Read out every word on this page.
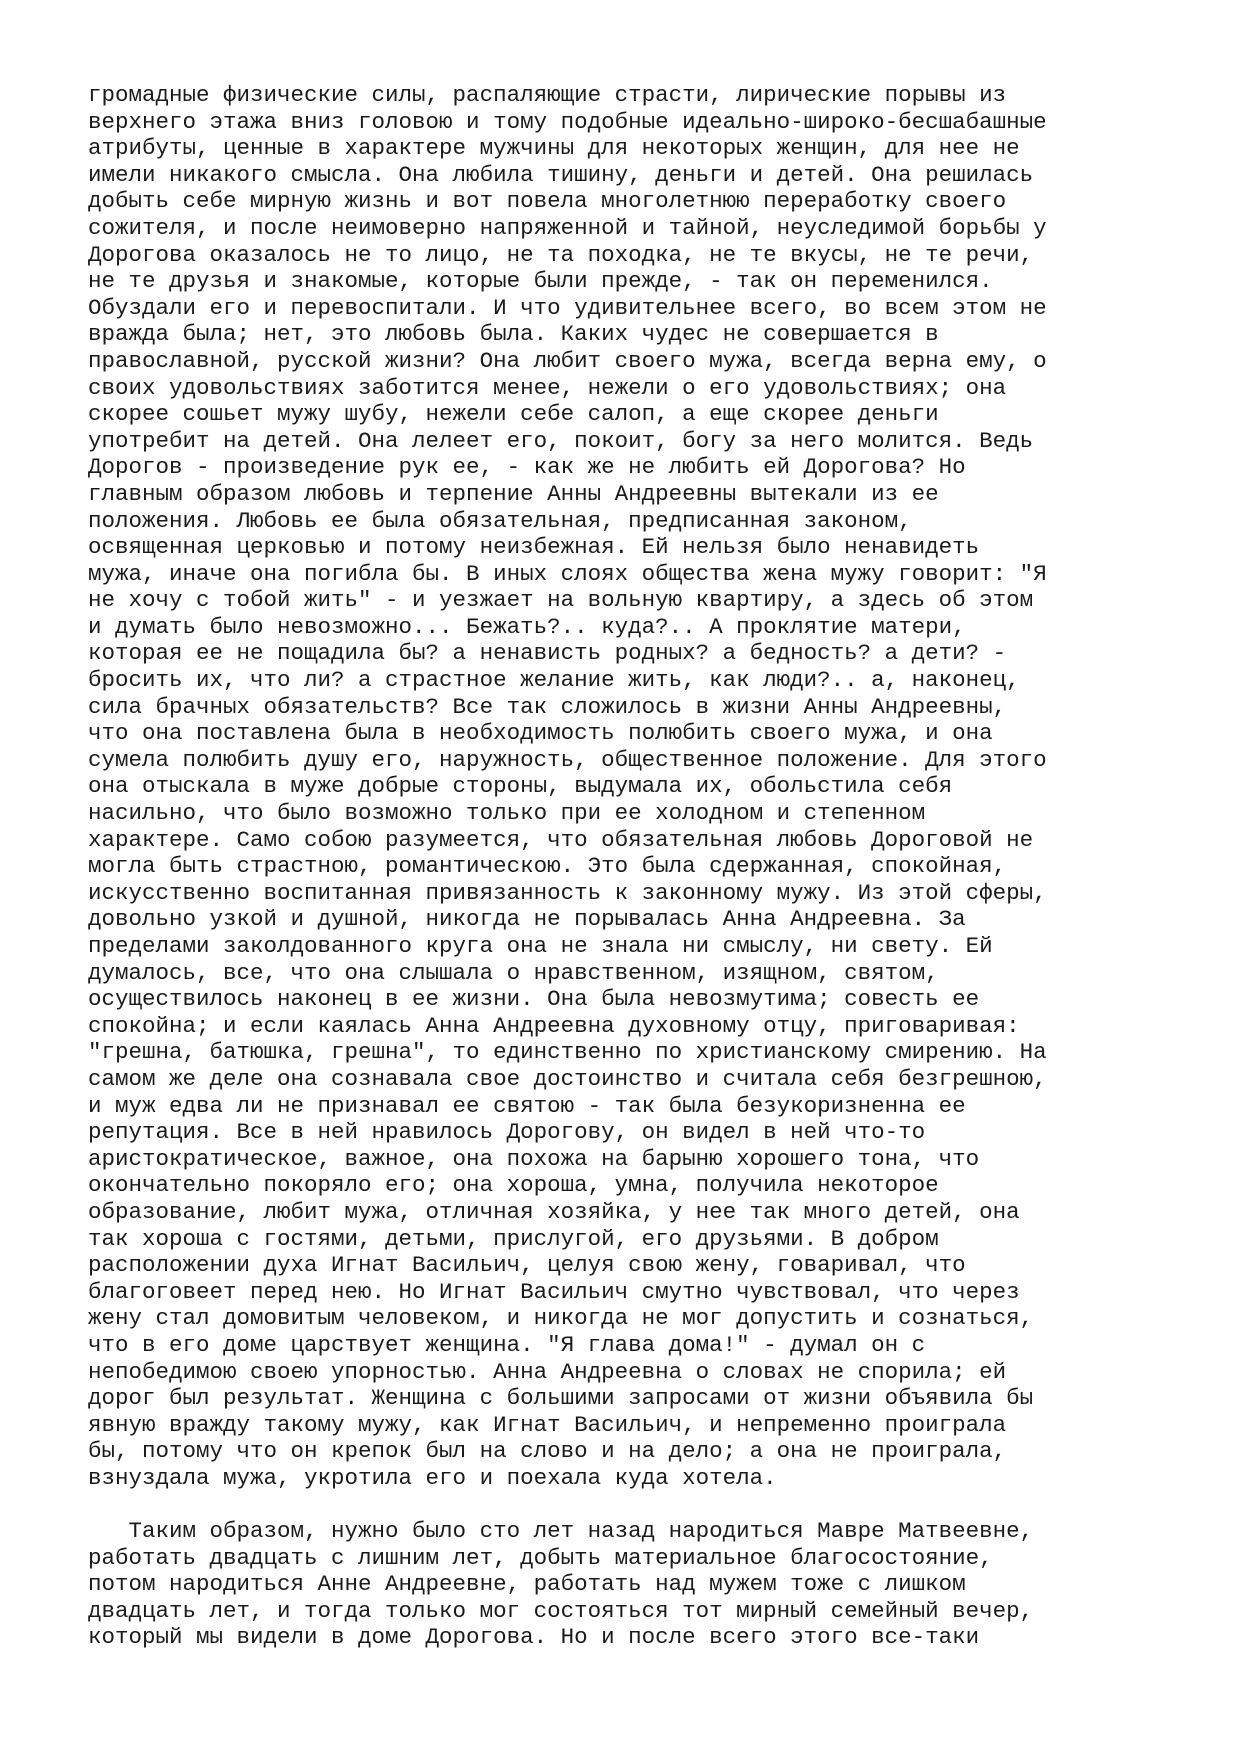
громадные физические силы, распаляющие страсти, лирические порывы из
верхнего этажа вниз головою и тому подобные идеально-широко-бесшабашные
атрибуты, ценные в характере мужчины для некоторых женщин, для нее не
имели никакого смысла. Она любила тишину, деньги и детей. Она решилась
добыть себе мирную жизнь и вот повела многолетнюю переработку своего
сожителя, и после неимоверно напряженной и тайной, неуследимой борьбы у
Дорогова оказалось не то лицо, не та походка, не те вкусы, не те речи,
не те друзья и знакомые, которые были прежде, - так он переменился.
Обуздали его и перевоспитали. И что удивительнее всего, во всем этом не
вражда была; нет, это любовь была. Каких чудес не совершается в
православной, русской жизни? Она любит своего мужа, всегда верна ему, о
своих удовольствиях заботится менее, нежели о его удовольствиях; она
скорее сошьет мужу шубу, нежели себе салоп, а еще скорее деньги
употребит на детей. Она лелеет его, покоит, богу за него молится. Ведь
Дорогов - произведение рук ее, - как же не любить ей Дорогова? Но
главным образом любовь и терпение Анны Андреевны вытекали из ее
положения. Любовь ее была обязательная, предписанная законом,
освященная церковью и потому неизбежная. Ей нельзя было ненавидеть
мужа, иначе она погибла бы. В иных слоях общества жена мужу говорит: "Я
не хочу с тобой жить" - и уезжает на вольную квартиру, а здесь об этом
и думать было невозможно... Бежать?.. куда?.. А проклятие матери,
которая ее не пощадила бы? а ненависть родных? а бедность? а дети? -
бросить их, что ли? а страстное желание жить, как люди?.. а, наконец,
сила брачных обязательств? Все так сложилось в жизни Анны Андреевны,
что она поставлена была в необходимость полюбить своего мужа, и она
сумела полюбить душу его, наружность, общественное положение. Для этого
она отыскала в муже добрые стороны, выдумала их, обольстила себя
насильно, что было возможно только при ее холодном и степенном
характере. Само собою разумеется, что обязательная любовь Дороговой не
могла быть страстною, романтическою. Это была сдержанная, спокойная,
искусственно воспитанная привязанность к законному мужу. Из этой сферы,
довольно узкой и душной, никогда не порывалась Анна Андреевна. За
пределами заколдованного круга она не знала ни смыслу, ни свету. Ей
думалось, все, что она слышала о нравственном, изящном, святом,
осуществилось наконец в ее жизни. Она была невозмутима; совесть ее
спокойна; и если каялась Анна Андреевна духовному отцу, приговаривая:
"грешна, батюшка, грешна", то единственно по христианскому смирению. На
самом же деле она сознавала свое достоинство и считала себя безгрешною,
и муж едва ли не признавал ее святою - так была безукоризненна ее
репутация. Все в ней нравилось Дорогову, он видел в ней что-то
аристократическое, важное, она похожа на барыню хорошего тона, что
окончательно покоряло его; она хороша, умна, получила некоторое
образование, любит мужа, отличная хозяйка, у нее так много детей, она
так хороша с гостями, детьми, прислугой, его друзьями. В добром
расположении духа Игнат Васильич, целуя свою жену, говаривал, что
благоговеет перед нею. Но Игнат Васильич смутно чувствовал, что через
жену стал домовитым человеком, и никогда не мог допустить и сознаться,
что в его доме царствует женщина. "Я глава дома!" - думал он с
непобедимою своею упорностью. Анна Андреевна о словах не спорила; ей
дорог был результат. Женщина с большими запросами от жизни объявила бы
явную вражду такому мужу, как Игнат Васильич, и непременно проиграла
бы, потому что он крепок был на слово и на дело; а она не проиграла,
взнуздала мужа, укротила его и поехала куда хотела.
Таким образом, нужно было сто лет назад народиться Мавре Матвеевне,
работать двадцать с лишним лет, добыть материальное благосостояние,
потом народиться Анне Андреевне, работать над мужем тоже с лишком
двадцать лет, и тогда только мог состояться тот мирный семейный вечер,
который мы видели в доме Дорогова. Но и после всего этого все-таки
